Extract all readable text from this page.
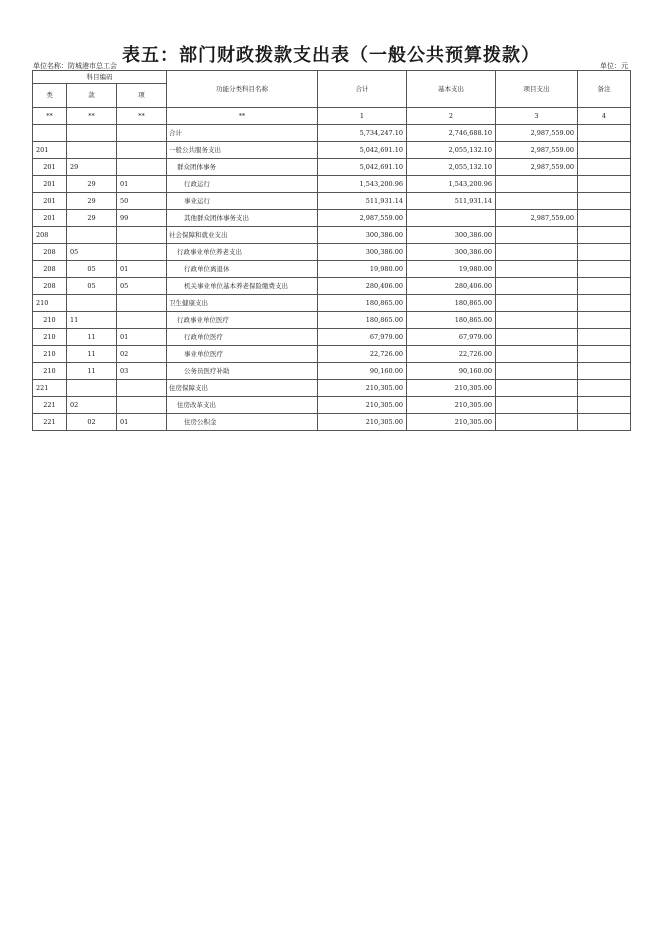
表五：部门财政拨款支出表（一般公共预算拨款）
单位名称：防城港市总工会	单位：元
科目编码			功能分类科目名称	合计	基本支出	项目支出	备注
类	款	项					
**	**	**	**	1	2	3	4
			合计	5,734,247.10	2,746,688.10	2,987,559.00	
201			一般公共服务支出	5,042,691.10	2,055,132.10	2,987,559.00	
201	29		群众团体事务	5,042,691.10	2,055,132.10	2,987,559.00	
201	29	01	行政运行	1,543,200.96	1,543,200.96		
201	29	50	事业运行	511,931.14	511,931.14		
201	29	99	其他群众团体事务支出	2,987,559.00		2,987,559.00	
208			社会保障和就业支出	300,386.00	300,386.00		
208	05		行政事业单位养老支出	300,386.00	300,386.00		
208	05	01	行政单位离退休	19,980.00	19,980.00		
208	05	05	机关事业单位基本养老保险缴费支出	280,406.00	280,406.00		
210			卫生健康支出	180,865.00	180,865.00		
210	11		行政事业单位医疗	180,865.00	180,865.00		
210	11	01	行政单位医疗	67,979.00	67,979.00		
210	11	02	事业单位医疗	22,726.00	22,726.00		
210	11	03	公务员医疗补助	90,160.00	90,160.00		
221			住房保障支出	210,305.00	210,305.00		
221	02		住房改革支出	210,305.00	210,305.00		
221	02	01	住房公积金	210,305.00	210,305.00		
